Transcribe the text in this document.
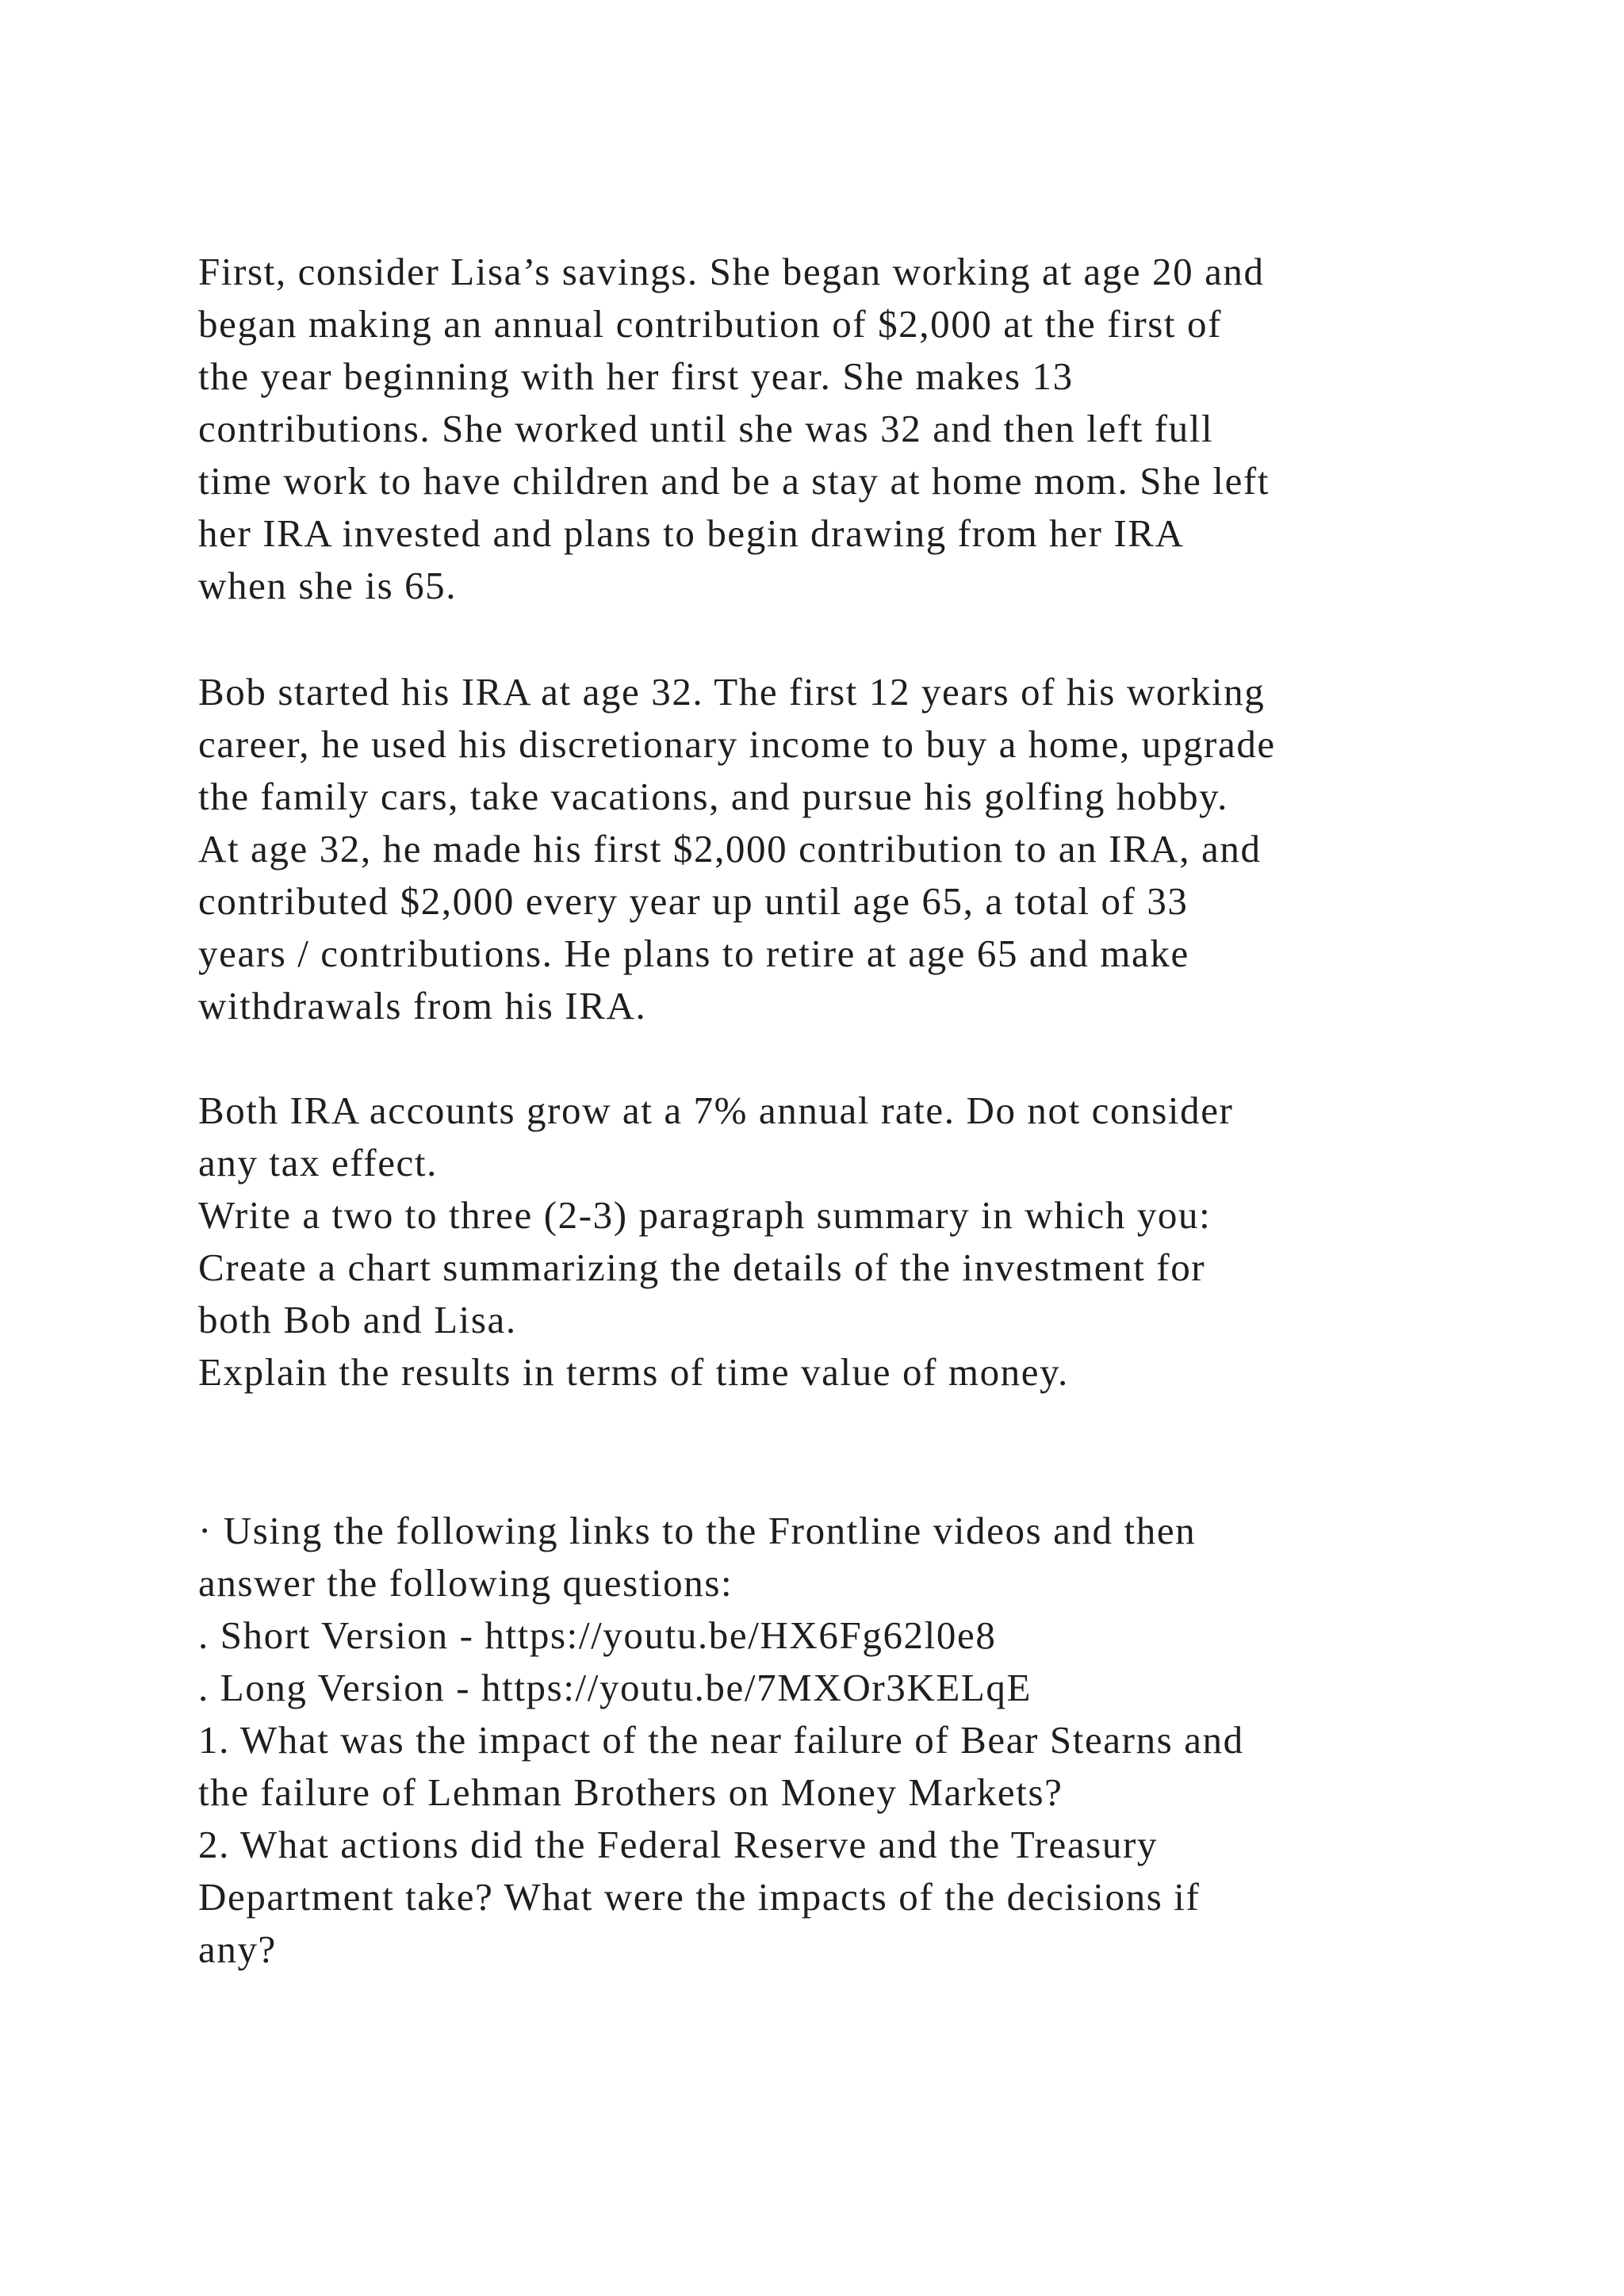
First, consider Lisa’s savings. She began working at age 20 and
began making an annual contribution of $2,000 at the first of
the year beginning with her first year. She makes 13
contributions. She worked until she was 32 and then left full
time work to have children and be a stay at home mom. She left
her IRA invested and plans to begin drawing from her IRA
when she is 65.
Bob started his IRA at age 32. The first 12 years of his working
career, he used his discretionary income to buy a home, upgrade
the family cars, take vacations, and pursue his golfing hobby.
At age 32, he made his first $2,000 contribution to an IRA, and
contributed $2,000 every year up until age 65, a total of 33
years / contributions. He plans to retire at age 65 and make
withdrawals from his IRA.
Both IRA accounts grow at a 7% annual rate. Do not consider
any tax effect.
Write a two to three (2-3) paragraph summary in which you:
Create a chart summarizing the details of the investment for
both Bob and Lisa.
Explain the results in terms of time value of money.
· Using the following links to the Frontline videos and then
answer the following questions:
. Short Version - https://youtu.be/HX6Fg62l0e8
. Long Version - https://youtu.be/7MXOr3KELqE
1. What was the impact of the near failure of Bear Stearns and
the failure of Lehman Brothers on Money Markets?
2. What actions did the Federal Reserve and the Treasury
Department take? What were the impacts of the decisions if
any?
